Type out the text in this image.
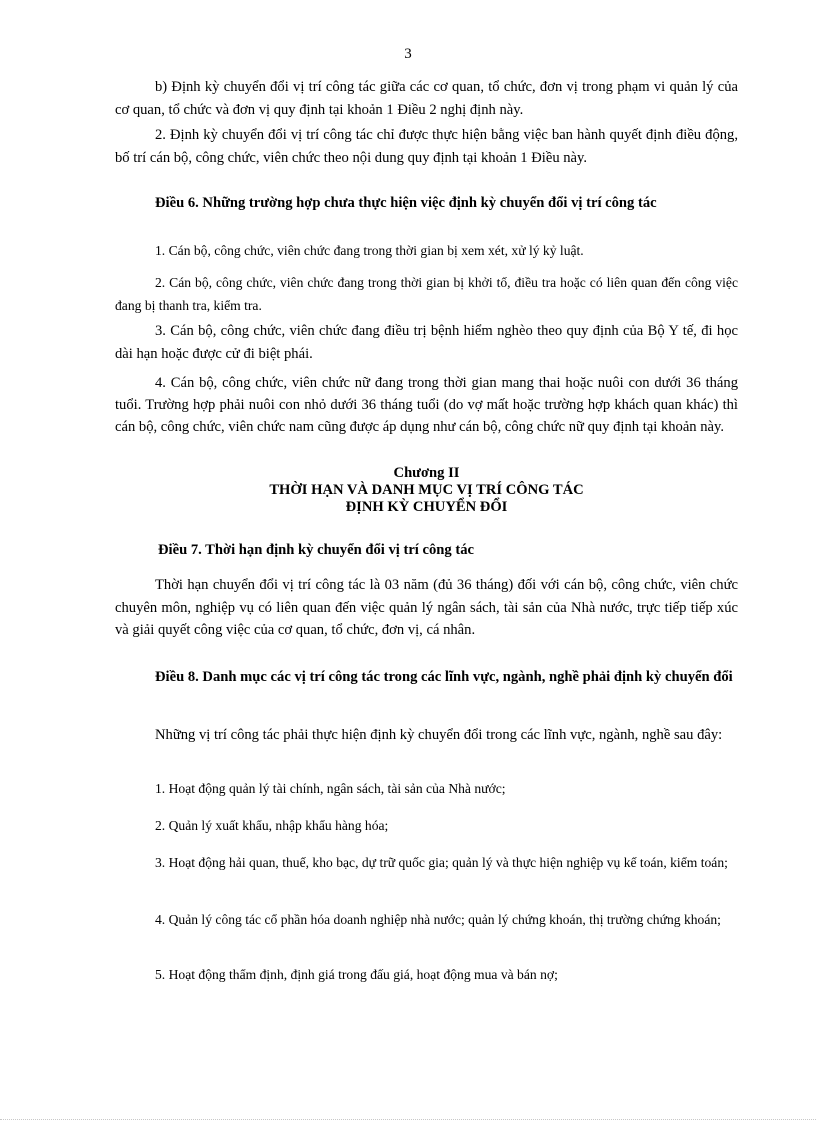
3

b) Định kỳ chuyển đổi vị trí công tác giữa các cơ quan, tổ chức, đơn vị trong phạm vi quản lý của cơ quan, tổ chức và đơn vị quy định tại khoản 1 Điều 2 nghị định này.

2. Định kỳ chuyển đổi vị trí công tác chỉ được thực hiện bằng việc ban hành quyết định điều động, bố trí cán bộ, công chức, viên chức theo nội dung quy định tại khoản 1 Điều này.

Điều 6. Những trường hợp chưa thực hiện việc định kỳ chuyển đổi vị trí công tác

1. Cán bộ, công chức, viên chức đang trong thời gian bị xem xét, xử lý kỷ luật.

2. Cán bộ, công chức, viên chức đang trong thời gian bị khởi tố, điều tra hoặc có liên quan đến công việc đang bị thanh tra, kiểm tra.

3. Cán bộ, công chức, viên chức đang điều trị bệnh hiểm nghèo theo quy định của Bộ Y tế, đi học dài hạn hoặc được cử đi biệt phái.

4. Cán bộ, công chức, viên chức nữ đang trong thời gian mang thai hoặc nuôi con dưới 36 tháng tuổi. Trường hợp phải nuôi con nhỏ dưới 36 tháng tuổi (do vợ mất hoặc trường hợp khách quan khác) thì cán bộ, công chức, viên chức nam cũng được áp dụng như cán bộ, công chức nữ quy định tại khoản này.

Chương II
THỜI HẠN VÀ DANH MỤC VỊ TRÍ CÔNG TÁC
ĐỊNH KỲ CHUYỂN ĐỔI

Điều 7. Thời hạn định kỳ chuyển đổi vị trí công tác

Thời hạn chuyển đổi vị trí công tác là 03 năm (đủ 36 tháng) đối với cán bộ, công chức, viên chức chuyên môn, nghiệp vụ có liên quan đến việc quản lý ngân sách, tài sản của Nhà nước, trực tiếp tiếp xúc và giải quyết công việc của cơ quan, tổ chức, đơn vị, cá nhân.

Điều 8. Danh mục các vị trí công tác trong các lĩnh vực, ngành, nghề phải định kỳ chuyển đổi

Những vị trí công tác phải thực hiện định kỳ chuyển đổi trong các lĩnh vực, ngành, nghề sau đây:

1. Hoạt động quản lý tài chính, ngân sách, tài sản của Nhà nước;

2. Quản lý xuất khẩu, nhập khẩu hàng hóa;

3. Hoạt động hải quan, thuế, kho bạc, dự trữ quốc gia; quản lý và thực hiện nghiệp vụ kế toán, kiểm toán;

4. Quản lý công tác cổ phần hóa doanh nghiệp nhà nước; quản lý chứng khoán, thị trường chứng khoán;

5. Hoạt động thẩm định, định giá trong đấu giá, hoạt động mua và bán nợ;
